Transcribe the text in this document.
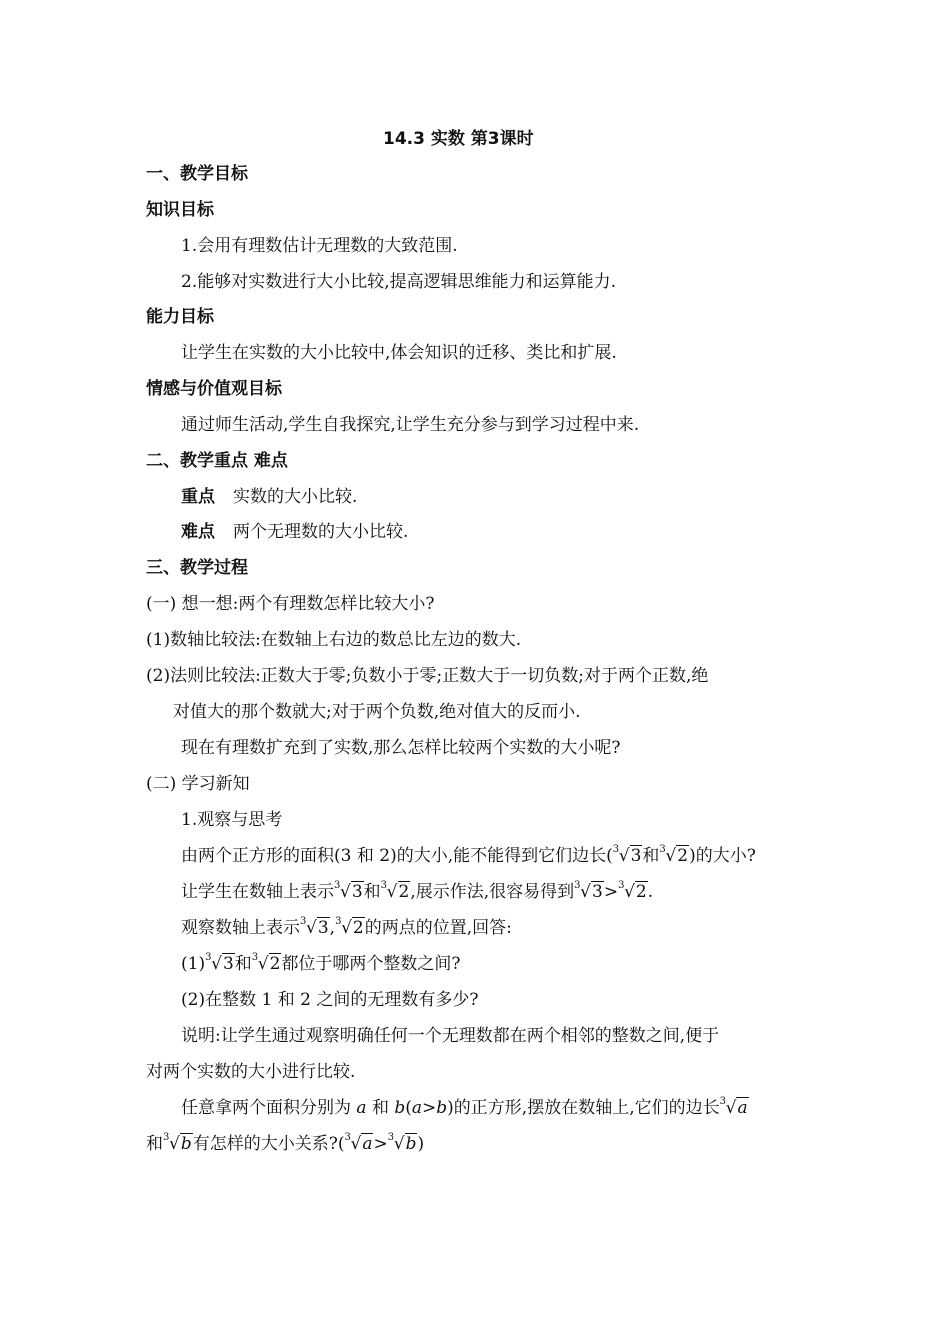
14.3 实数 第3课时
一、教学目标
知识目标
1.会用有理数估计无理数的大致范围.
2.能够对实数进行大小比较,提高逻辑思维能力和运算能力.
能力目标
让学生在实数的大小比较中,体会知识的迁移、类比和扩展.
情感与价值观目标
通过师生活动,学生自我探究,让学生充分参与到学习过程中来.
二、教学重点 难点
重点 实数的大小比较.
难点 两个无理数的大小比较.
三、教学过程
(一) 想一想:两个有理数怎样比较大小?
(1)数轴比较法:在数轴上右边的数总比左边的数大.
(2)法则比较法:正数大于零;负数小于零;正数大于一切负数;对于两个正数,绝
对值大的那个数就大;对于两个负数,绝对值大的反而小.
现在有理数扩充到了实数,那么怎样比较两个实数的大小呢?
(二) 学习新知
1.观察与思考
由两个正方形的面积(3 和 2)的大小,能不能得到它们边长( 3 √3和 3 √2)的大小?
让学生在数轴上表示 3 √3和 3 √2,展示作法,很容易得到 3 √3> 3 √2.
观察数轴上表示 3 √3, 3 √2的两点的位置,回答:
(1) 3 √3和 3 √2都位于哪两个整数之间?
(2)在整数 1 和 2 之间的无理数有多少?
说明:让学生通过观察明确任何一个无理数都在两个相邻的整数之间,便于
对两个实数的大小进行比较.
任意拿两个面积分别为 a 和 b(a>b)的正方形,摆放在数轴上,它们的边长 3 √a
和 3 √b有怎样的大小关系?( 3 √a> 3 √b)
